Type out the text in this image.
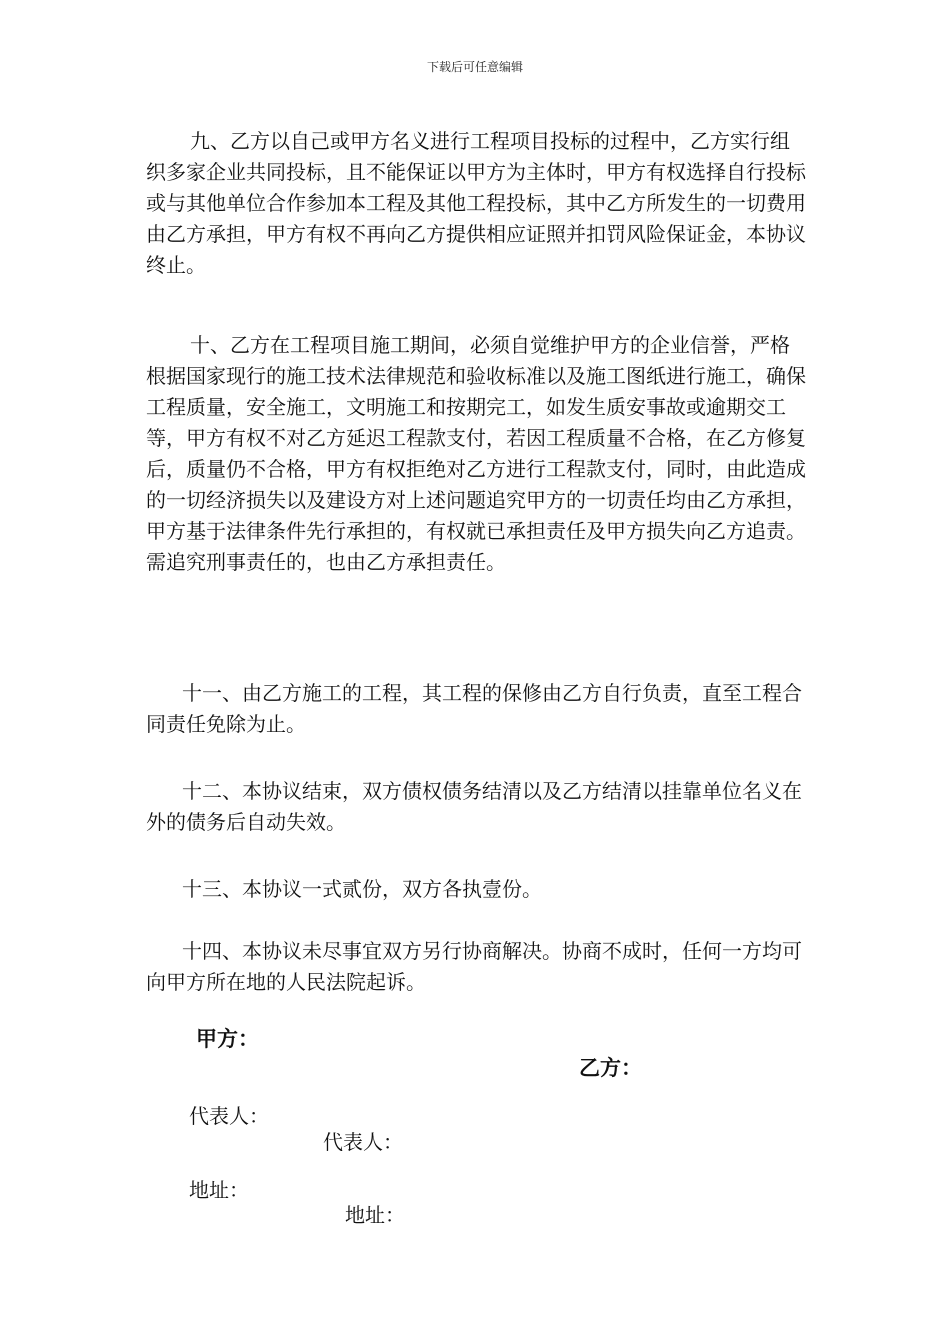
下载后可任意编辑

九、乙方以自己或甲方名义进行工程项目投标的过程中，乙方实行组织多家企业共同投标，且不能保证以甲方为主体时，甲方有权选择自行投标或与其他单位合作参加本工程及其他工程投标，其中乙方所发生的一切费用由乙方承担，甲方有权不再向乙方提供相应证照并扣罚风险保证金，本协议终止。

十、乙方在工程项目施工期间，必须自觉维护甲方的企业信誉，严格根据国家现行的施工技术法律规范和验收标准以及施工图纸进行施工，确保工程质量，安全施工，文明施工和按期完工，如发生质安事故或逾期交工等，甲方有权不对乙方延迟工程款支付，若因工程质量不合格，在乙方修复后，质量仍不合格，甲方有权拒绝对乙方进行工程款支付，同时，由此造成的一切经济损失以及建设方对上述问题追究甲方的一切责任均由乙方承担，甲方基于法律条件先行承担的，有权就已承担责任及甲方损失向乙方追责。需追究刑事责任的，也由乙方承担责任。

十一、由乙方施工的工程，其工程的保修由乙方自行负责，直至工程合同责任免除为止。

十二、本协议结束，双方债权债务结清以及乙方结清以挂靠单位名义在外的债务后自动失效。

十三、本协议一式贰份，双方各执壹份。

十四、本协议未尽事宜双方另行协商解决。协商不成时，任何一方均可向甲方所在地的人民法院起诉。

甲方：
乙方：
代表人：
代表人：
地址：
地址：
